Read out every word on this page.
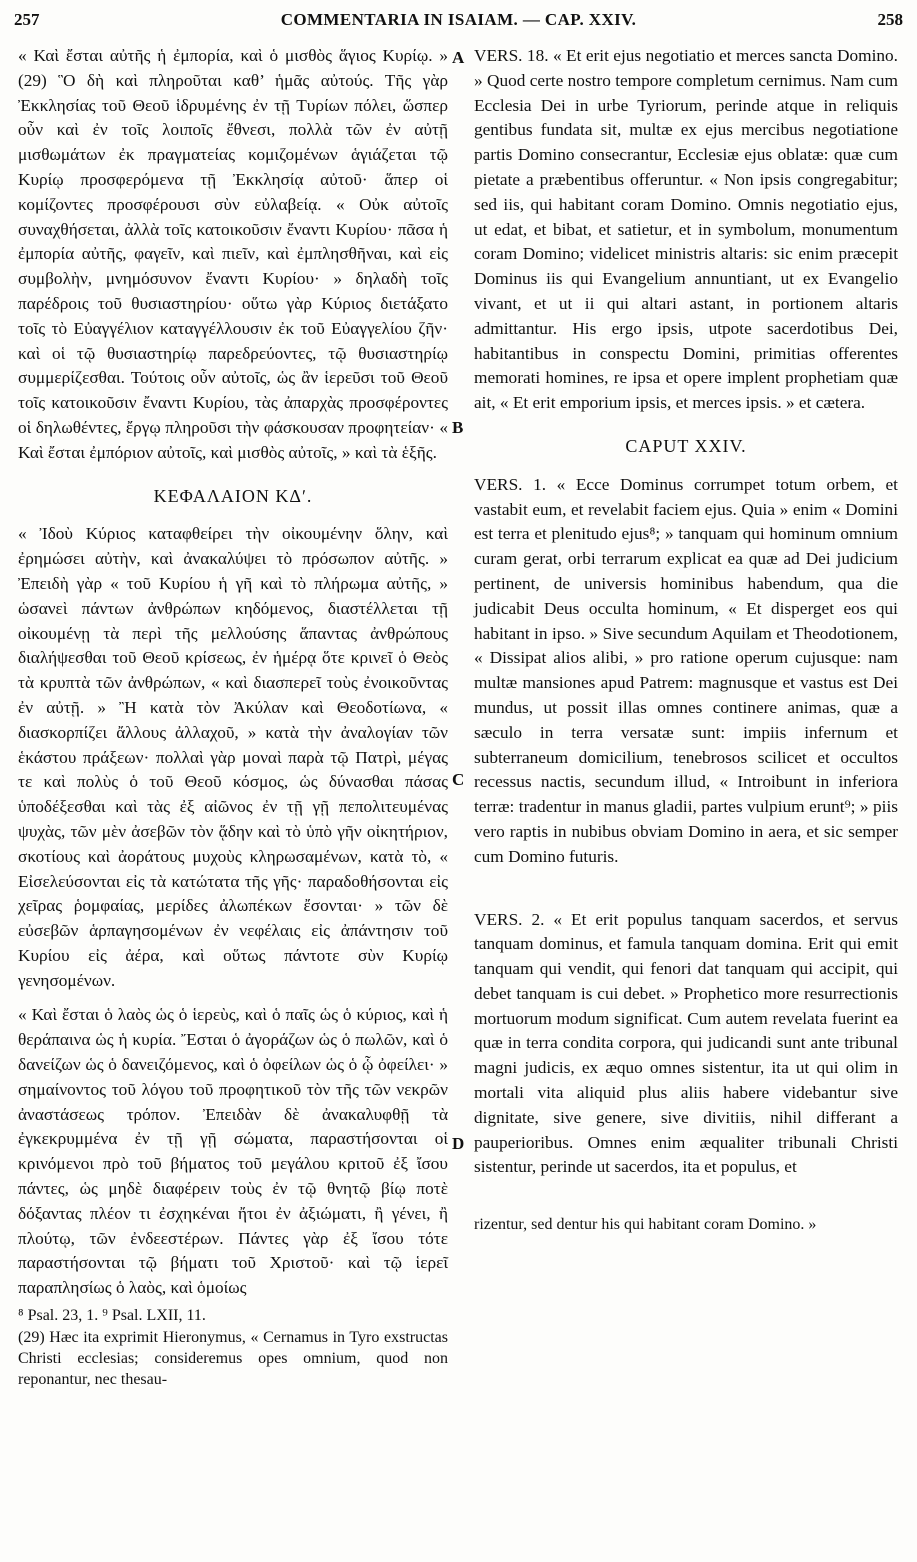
257	COMMENTARIA IN ISAIAM. — CAP. XXIV.	258
A
B
C
D

« Καὶ ἔσται αὐτῆς ἡ ἐμπορία, καὶ ὁ μισθὸς ἅγιος Κυρίῳ. » (29) Ὃ δὴ καὶ πληροῦται καθ’ ἡμᾶς αὐτούς. Τῆς γὰρ Ἐκκλησίας τοῦ Θεοῦ ἱδρυμένης ἐν τῇ Τυρίων πόλει, ὥσπερ οὖν καὶ ἐν τοῖς λοιποῖς ἔθνεσι, πολλὰ τῶν ἐν αὐτῇ μισθωμάτων ἐκ πραγματείας κομιζομένων ἁγιάζεται τῷ Κυρίῳ προσφερόμενα τῇ Ἐκκλησίᾳ αὐτοῦ· ἅπερ οἱ κομίζοντες προσφέρουσι σὺν εὐλαβείᾳ. « Οὐκ αὐτοῖς συναχθήσεται, ἀλλὰ τοῖς κατοικοῦσιν ἔναντι Κυρίου· πᾶσα ἡ ἐμπορία αὐτῆς, φαγεῖν, καὶ πιεῖν, καὶ ἐμπλησθῆναι, καὶ εἰς συμβολὴν, μνημόσυνον ἔναντι Κυρίου· » δηλαδὴ τοῖς παρέδροις τοῦ θυσιαστηρίου· οὕτω γὰρ Κύριος διετάξατο τοῖς τὸ Εὐαγγέλιον καταγγέλλουσιν ἐκ τοῦ Εὐαγγελίου ζῆν· καὶ οἱ τῷ θυσιαστηρίῳ παρεδρεύοντες, τῷ θυσιαστηρίῳ συμμερίζεσθαι. Τούτοις οὖν αὐτοῖς, ὡς ἂν ἱερεῦσι τοῦ Θεοῦ τοῖς κατοικοῦσιν ἔναντι Κυρίου, τὰς ἀπαρχὰς προσφέροντες οἱ δηλωθέντες, ἔργῳ πληροῦσι τὴν φάσκουσαν προφητείαν· « Καὶ ἔσται ἐμπόριον αὐτοῖς, καὶ μισθὸς αὐτοῖς, » καὶ τὰ ἑξῆς.

ΚΕΦΑΛΑΙΟΝ ΚΔʹ.

« Ἰδοὺ Κύριος καταφθείρει τὴν οἰκουμένην ὅλην, καὶ ἐρημώσει αὐτὴν, καὶ ἀνακαλύψει τὸ πρόσωπον αὐτῆς. » Ἐπειδὴ γὰρ « τοῦ Κυρίου ἡ γῆ καὶ τὸ πλήρωμα αὐτῆς, » ὡσανεὶ πάντων ἀνθρώπων κηδόμενος, διαστέλλεται τῇ οἰκουμένῃ τὰ περὶ τῆς μελλούσης ἅπαντας ἀνθρώπους διαλήψεσθαι τοῦ Θεοῦ κρίσεως, ἐν ἡμέρᾳ ὅτε κρινεῖ ὁ Θεὸς τὰ κρυπτὰ τῶν ἀνθρώπων, « καὶ διασπερεῖ τοὺς ἐνοικοῦντας ἐν αὐτῇ. » Ἢ κατὰ τὸν Ἀκύλαν καὶ Θεοδοτίωνα, « διασκορπίζει ἄλλους ἀλλαχοῦ, » κατὰ τὴν ἀναλογίαν τῶν ἑκάστου πράξεων· πολλαὶ γὰρ μοναὶ παρὰ τῷ Πατρὶ, μέγας τε καὶ πολὺς ὁ τοῦ Θεοῦ κόσμος, ὡς δύνασθαι πάσας ὑποδέξεσθαι καὶ τὰς ἐξ αἰῶνος ἐν τῇ γῇ πεπολιτευμένας ψυχὰς, τῶν μὲν ἀσεβῶν τὸν ᾅδην καὶ τὸ ὑπὸ γῆν οἰκητήριον, σκοτίους καὶ ἀοράτους μυχοὺς κληρωσαμένων, κατὰ τὸ, « Εἰσελεύσονται εἰς τὰ κατώτατα τῆς γῆς· παραδοθήσονται εἰς χεῖρας ῥομφαίας, μερίδες ἀλωπέκων ἔσονται· » τῶν δὲ εὐσεβῶν ἁρπαγησομένων ἐν νεφέλαις εἰς ἀπάντησιν τοῦ Κυρίου εἰς ἀέρα, καὶ οὕτως πάντοτε σὺν Κυρίῳ γενησομένων.

« Καὶ ἔσται ὁ λαὸς ὡς ὁ ἱερεὺς, καὶ ὁ παῖς ὡς ὁ κύριος, καὶ ἡ θεράπαινα ὡς ἡ κυρία. Ἔσται ὁ ἀγοράζων ὡς ὁ πωλῶν, καὶ ὁ δανείζων ὡς ὁ δανειζόμενος, καὶ ὁ ὀφείλων ὡς ὁ ᾧ ὀφείλει· » σημαίνοντος τοῦ λόγου τοῦ προφητικοῦ τὸν τῆς τῶν νεκρῶν ἀναστάσεως τρόπον. Ἐπειδὰν δὲ ἀνακαλυφθῇ τὰ ἐγκεκρυμμένα ἐν τῇ γῇ σώματα, παραστήσονται οἱ κρινόμενοι πρὸ τοῦ βήματος τοῦ μεγάλου κριτοῦ ἐξ ἴσου πάντες, ὡς μηδὲ διαφέρειν τοὺς ἐν τῷ θνητῷ βίῳ ποτὲ δόξαντας πλέον τι ἐσχηκέναι ἤτοι ἐν ἀξιώματι, ἢ γένει, ἢ πλούτῳ, τῶν ἐνδεεστέρων. Πάντες γὰρ ἐξ ἴσου τότε παραστήσονται τῷ βήματι τοῦ Χριστοῦ· καὶ τῷ ἱερεῖ παραπλησίως ὁ λαὸς, καὶ ὁμοίως

⁸ Psal. 23, 1. ⁹ Psal. LXII, 11.

(29) Hæc ita exprimit Hieronymus, « Cernamus in Tyro exstructas Christi ecclesias; consideremus opes omnium, quod non reponantur, nec thesau-

VERS. 18. « Et erit ejus negotiatio et merces sancta Domino. » Quod certe nostro tempore completum cernimus. Nam cum Ecclesia Dei in urbe Tyriorum, perinde atque in reliquis gentibus fundata sit, multæ ex ejus mercibus negotiatione partis Domino consecrantur, Ecclesiæ ejus oblatæ: quæ cum pietate a præbentibus offeruntur. « Non ipsis congregabitur; sed iis, qui habitant coram Domino. Omnis negotiatio ejus, ut edat, et bibat, et satietur, et in symbolum, monumentum coram Domino; videlicet ministris altaris: sic enim præcepit Dominus iis qui Evangelium annuntiant, ut ex Evangelio vivant, et ut ii qui altari astant, in portionem altaris admittantur. His ergo ipsis, utpote sacerdotibus Dei, habitantibus in conspectu Domini, primitias offerentes memorati homines, re ipsa et opere implent prophetiam quæ ait, « Et erit emporium ipsis, et merces ipsis. » et cætera.

CAPUT XXIV.

VERS. 1. « Ecce Dominus corrumpet totum orbem, et vastabit eum, et revelabit faciem ejus. Quia » enim « Domini est terra et plenitudo ejus⁸; » tanquam qui hominum omnium curam gerat, orbi terrarum explicat ea quæ ad Dei judicium pertinent, de universis hominibus habendum, qua die judicabit Deus occulta hominum, « Et disperget eos qui habitant in ipso. » Sive secundum Aquilam et Theodotionem, « Dissipat alios alibi, » pro ratione operum cujusque: nam multæ mansiones apud Patrem: magnusque et vastus est Dei mundus, ut possit illas omnes continere animas, quæ a sæculo in terra versatæ sunt: impiis infernum et subterraneum domicilium, tenebrosos scilicet et occultos recessus nactis, secundum illud, « Introibunt in inferiora terræ: tradentur in manus gladii, partes vulpium erunt⁹; » piis vero raptis in nubibus obviam Domino in aera, et sic semper cum Domino futuris.

VERS. 2. « Et erit populus tanquam sacerdos, et servus tanquam dominus, et famula tanquam domina. Erit qui emit tanquam qui vendit, qui fenori dat tanquam qui accipit, qui debet tanquam is cui debet. » Prophetico more resurrectionis mortuorum modum significat. Cum autem revelata fuerint ea quæ in terra condita corpora, qui judicandi sunt ante tribunal magni judicis, ex æquo omnes sistentur, ita ut qui olim in mortali vita aliquid plus aliis habere videbantur sive dignitate, sive genere, sive divitiis, nihil differant a pauperioribus. Omnes enim æqualiter tribunali Christi sistentur, perinde ut sacerdos, ita et populus, et

rizentur, sed dentur his qui habitant coram Domino. »
